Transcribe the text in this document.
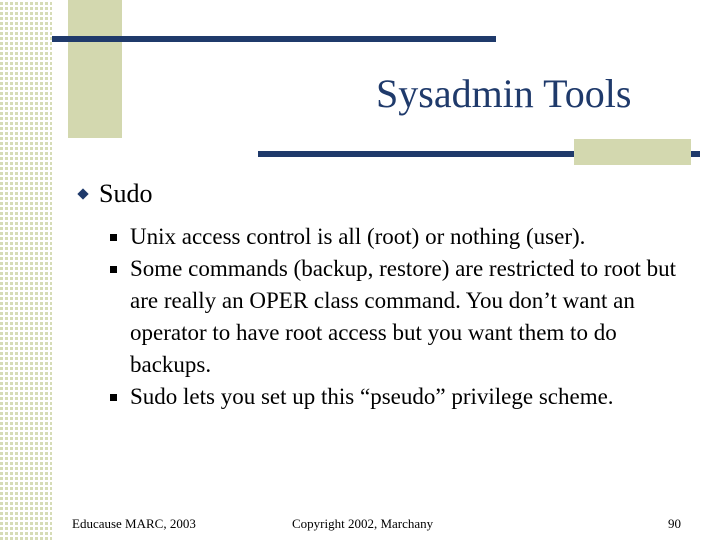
Sysadmin Tools
Sudo
Unix access control is all (root) or nothing (user).
Some commands (backup, restore) are restricted to root but are really an OPER class command. You don’t want an operator to have root access but you want them to do backups.
Sudo lets you set up this “pseudo” privilege scheme.
Educause MARC, 2003	Copyright 2002, Marchany	90
